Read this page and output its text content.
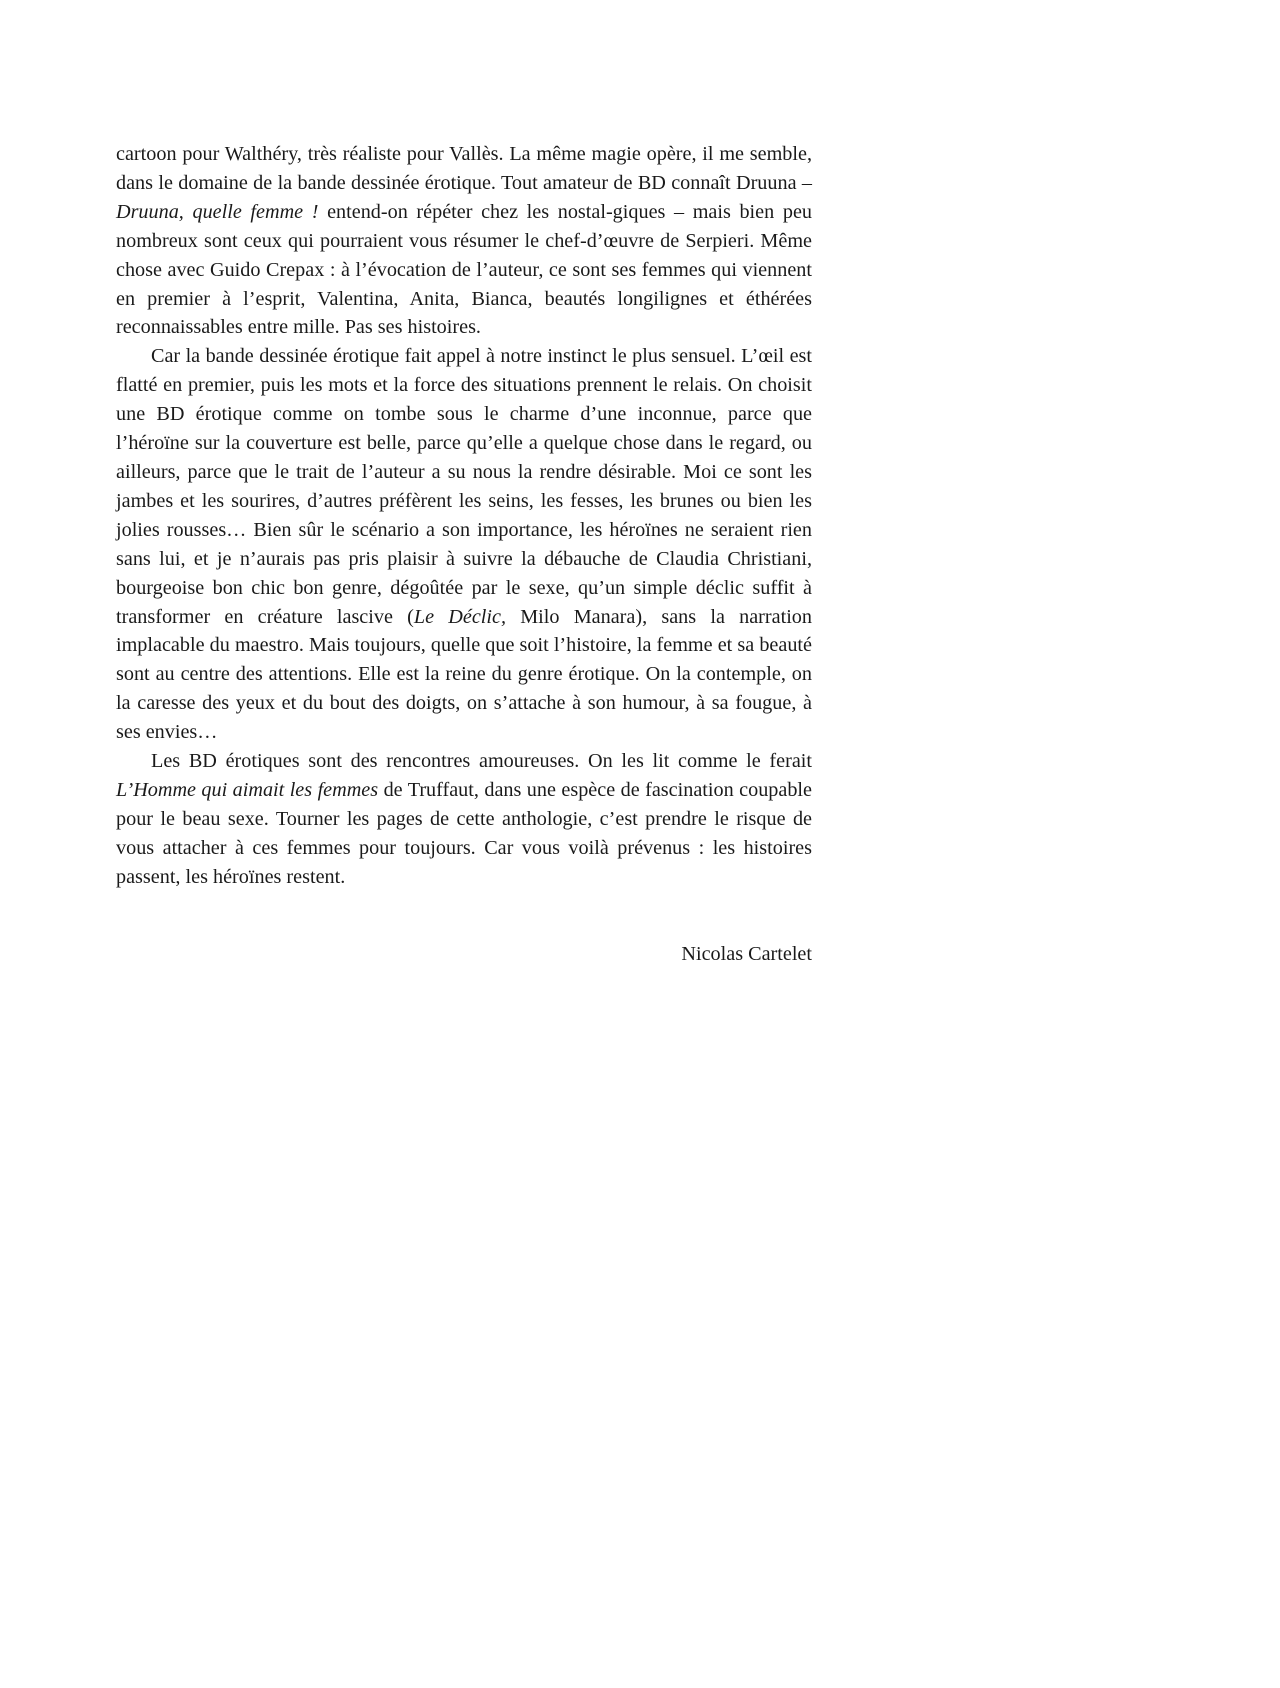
cartoon pour Walthéry, très réaliste pour Vallès. La même magie opère, il me semble, dans le domaine de la bande dessinée érotique. Tout amateur de BD connaît Druuna – Druuna, quelle femme ! entend-on répéter chez les nostal-giques – mais bien peu nombreux sont ceux qui pourraient vous résumer le chef-d’œuvre de Serpieri. Même chose avec Guido Crepax : à l’évocation de l’auteur, ce sont ses femmes qui viennent en premier à l’esprit, Valentina, Anita, Bianca, beautés longilignes et éthérées reconnaissables entre mille. Pas ses histoires.

Car la bande dessinée érotique fait appel à notre instinct le plus sensuel. L’œil est flatté en premier, puis les mots et la force des situations prennent le relais. On choisit une BD érotique comme on tombe sous le charme d’une inconnue, parce que l’héroïne sur la couverture est belle, parce qu’elle a quelque chose dans le regard, ou ailleurs, parce que le trait de l’auteur a su nous la rendre désirable. Moi ce sont les jambes et les sourires, d’autres préfèrent les seins, les fesses, les brunes ou bien les jolies rousses… Bien sûr le scénario a son importance, les héroïnes ne seraient rien sans lui, et je n’aurais pas pris plaisir à suivre la débauche de Claudia Christiani, bourgeoise bon chic bon genre, dégoûtée par le sexe, qu’un simple déclic suffit à transformer en créature lascive (Le Déclic, Milo Manara), sans la narration implacable du maestro. Mais toujours, quelle que soit l’histoire, la femme et sa beauté sont au centre des attentions. Elle est la reine du genre érotique. On la contemple, on la caresse des yeux et du bout des doigts, on s’attache à son humour, à sa fougue, à ses envies…

Les BD érotiques sont des rencontres amoureuses. On les lit comme le ferait L’Homme qui aimait les femmes de Truffaut, dans une espèce de fascination coupable pour le beau sexe. Tourner les pages de cette anthologie, c’est prendre le risque de vous attacher à ces femmes pour toujours. Car vous voilà prévenus : les histoires passent, les héroïnes restent.

Nicolas Cartelet
